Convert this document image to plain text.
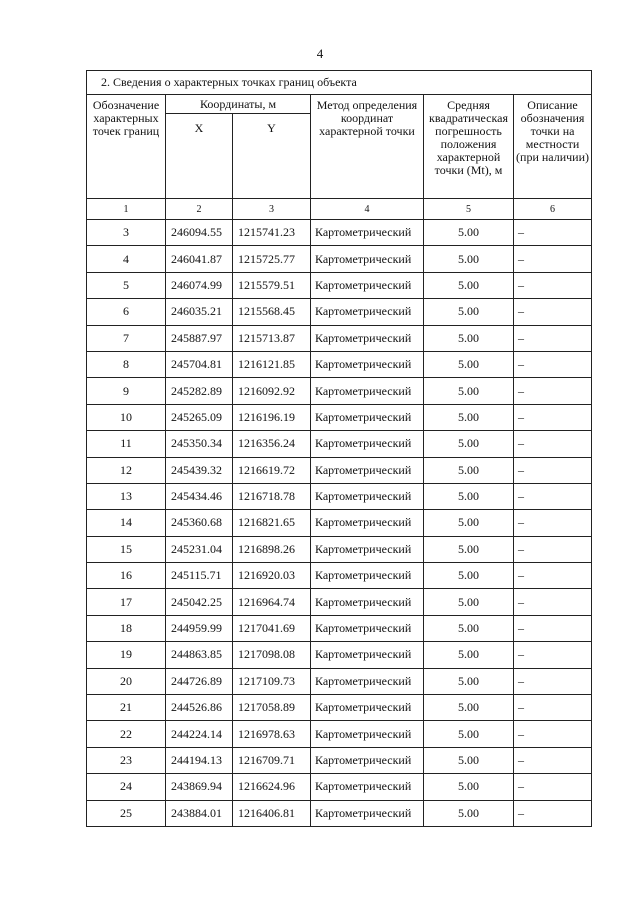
4
2. Сведения о характерных точках границ объекта					
Обозначение характерных точек границ	Координаты, м		Метод определения координат характерной точки	Средняя квадратическая погрешность положения характерной точки (Mt), м	Описание обозначения точки на местности (при наличии)
	X	Y			
1	2	3	4	5	6
3	246094.55	1215741.23	Картометрический	5.00	–
4	246041.87	1215725.77	Картометрический	5.00	–
5	246074.99	1215579.51	Картометрический	5.00	–
6	246035.21	1215568.45	Картометрический	5.00	–
7	245887.97	1215713.87	Картометрический	5.00	–
8	245704.81	1216121.85	Картометрический	5.00	–
9	245282.89	1216092.92	Картометрический	5.00	–
10	245265.09	1216196.19	Картометрический	5.00	–
11	245350.34	1216356.24	Картометрический	5.00	–
12	245439.32	1216619.72	Картометрический	5.00	–
13	245434.46	1216718.78	Картометрический	5.00	–
14	245360.68	1216821.65	Картометрический	5.00	–
15	245231.04	1216898.26	Картометрический	5.00	–
16	245115.71	1216920.03	Картометрический	5.00	–
17	245042.25	1216964.74	Картометрический	5.00	–
18	244959.99	1217041.69	Картометрический	5.00	–
19	244863.85	1217098.08	Картометрический	5.00	–
20	244726.89	1217109.73	Картометрический	5.00	–
21	244526.86	1217058.89	Картометрический	5.00	–
22	244224.14	1216978.63	Картометрический	5.00	–
23	244194.13	1216709.71	Картометрический	5.00	–
24	243869.94	1216624.96	Картометрический	5.00	–
25	243884.01	1216406.81	Картометрический	5.00	–
